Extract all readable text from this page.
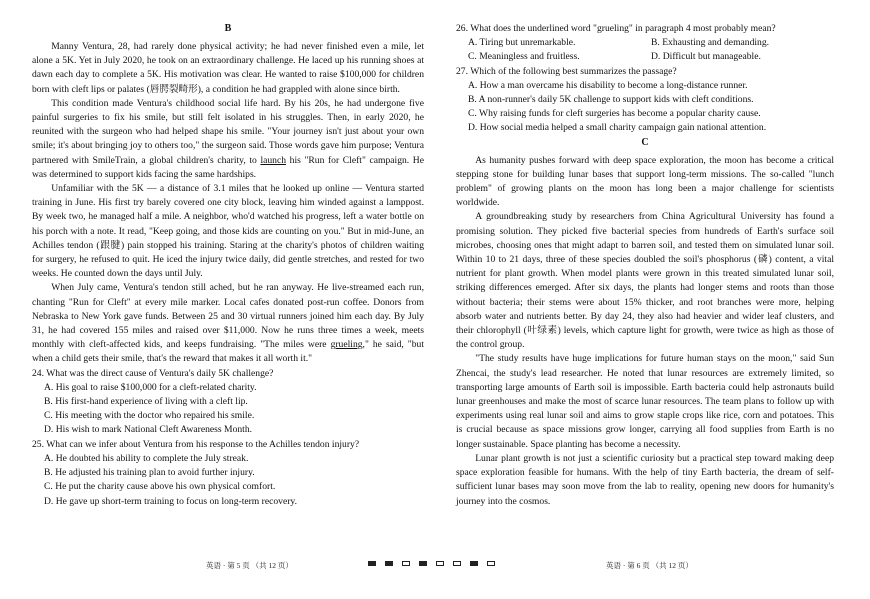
B

Manny Ventura, 28, had rarely done physical activity; he had never finished even a mile, let alone a 5K. Yet in July 2020, he took on an extraordinary challenge. He laced up his running shoes at dawn each day to complete a 5K. His motivation was clear. He wanted to raise $100,000 for children born with cleft lips or palates (唇腭裂畸形), a condition he had grappled with alone since birth.

This condition made Ventura's childhood social life hard. By his 20s, he had undergone five painful surgeries to fix his smile, but still felt isolated in his struggles. Then, in early 2020, he reunited with the surgeon who had helped shape his smile. "Your journey isn't just about your own smile; it's about bringing joy to others too," the surgeon said. Those words gave him purpose; Ventura partnered with SmileTrain, a global children's charity, to launch his "Run for Cleft" campaign. He was determined to support kids facing the same hardships.

Unfamiliar with the 5K — a distance of 3.1 miles that he looked up online — Ventura started training in June. His first try barely covered one city block, leaving him winded against a lamppost. By week two, he managed half a mile. A neighbor, who'd watched his progress, left a water bottle on his porch with a note. It read, "Keep going, and those kids are counting on you." But in mid-June, an Achilles tendon (跟腱) pain stopped his training. Staring at the charity's photos of children waiting for surgery, he refused to quit. He iced the injury twice daily, did gentle stretches, and rested for two weeks. He counted down the days until July.

When July came, Ventura's tendon still ached, but he ran anyway. He live-streamed each run, chanting "Run for Cleft" at every mile marker. Local cafes donated post-run coffee. Donors from Nebraska to New York gave funds. Between 25 and 30 virtual runners joined him each day. By July 31, he had covered 155 miles and raised over $11,000. Now he runs three times a week, meets monthly with cleft-affected kids, and keeps fundraising. "The miles were grueling," he said, "but when a child gets their smile, that's the reward that makes it all worth it."

24. What was the direct cause of Ventura's daily 5K challenge?

A. His goal to raise $100,000 for a cleft-related charity.

B. His first-hand experience of living with a cleft lip.

C. His meeting with the doctor who repaired his smile.

D. His wish to mark National Cleft Awareness Month.

25. What can we infer about Ventura from his response to the Achilles tendon injury?

A. He doubted his ability to complete the July streak.

B. He adjusted his training plan to avoid further injury.

C. He put the charity cause above his own physical comfort.

D. He gave up short-term training to focus on long-term recovery.

26. What does the underlined word "grueling" in paragraph 4 most probably mean?

A. Tiring but unremarkable.	B. Exhausting and demanding.
C. Meaningless and fruitless.	D. Difficult but manageable.

27. Which of the following best summarizes the passage?

A. How a man overcame his disability to become a long-distance runner.

B. A non-runner's daily 5K challenge to support kids with cleft conditions.

C. Why raising funds for cleft surgeries has become a popular charity cause.

D. How social media helped a small charity campaign gain national attention.

C

As humanity pushes forward with deep space exploration, the moon has become a critical stepping stone for building lunar bases that support long-term missions. The so-called "lunch problem" of growing plants on the moon has long been a major challenge for scientists worldwide.

A groundbreaking study by researchers from China Agricultural University has found a promising solution. They picked five bacterial species from hundreds of Earth's surface soil microbes, choosing ones that might adapt to barren soil, and tested them on simulated lunar soil. Within 10 to 21 days, three of these species doubled the soil's phosphorus (磷) content, a vital nutrient for plant growth. When model plants were grown in this treated simulated lunar soil, striking differences emerged. After six days, the plants had longer stems and roots than those without bacteria; their stems were about 15% thicker, and root branches were more, helping absorb water and nutrients better. By day 24, they also had heavier and wider leaf clusters, and their chlorophyll (叶绿素) levels, which capture light for growth, were twice as high as those of the control group.

"The study results have huge implications for future human stays on the moon," said Sun Zhencai, the study's lead researcher. He noted that lunar resources are extremely limited, so transporting large amounts of Earth soil is impossible. Earth bacteria could help astronauts build lunar greenhouses and make the most of scarce lunar resources. The team plans to follow up with experiments using real lunar soil and aims to grow staple crops like rice, corn and potatoes. This is crucial because as space missions grow longer, carrying all food supplies from Earth is no longer sustainable. Space planting has become a necessity.

Lunar plant growth is not just a scientific curiosity but a practical step toward making deep space exploration feasible for humans. With the help of tiny Earth bacteria, the dream of self-sufficient lunar bases may soon move from the lab to reality, opening new doors for humanity's journey into the cosmos.

英语 · 第 5 页 （共 12 页）	英语 · 第 6 页 （共 12 页）
